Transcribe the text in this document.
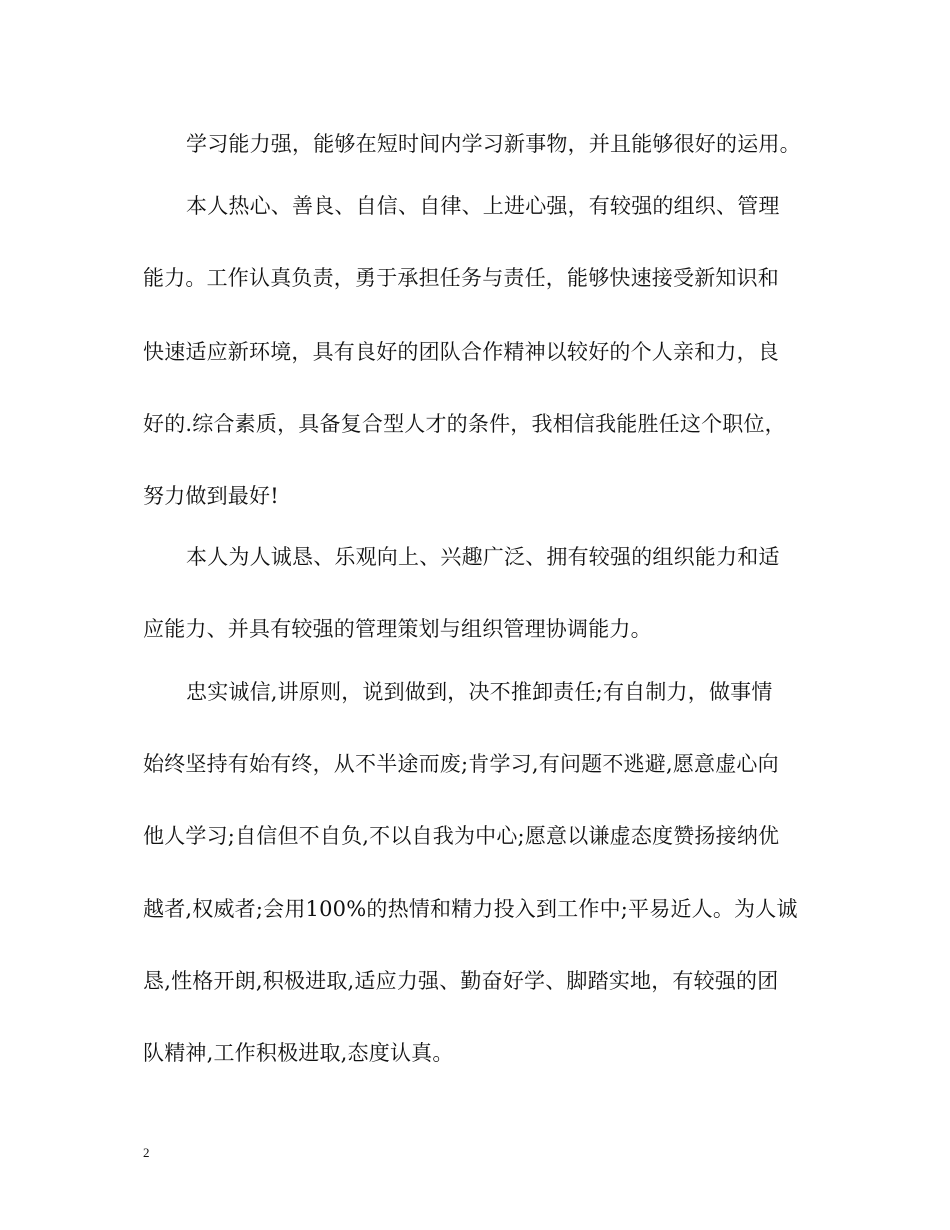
学习能力强，能够在短时间内学习新事物，并且能够很好的运用。
本人热心、善良、自信、自律、上进心强，有较强的组织、管理
能力。工作认真负责，勇于承担任务与责任，能够快速接受新知识和
快速适应新环境，具有良好的团队合作精神以较好的个人亲和力，良
好的.综合素质，具备复合型人才的条件，我相信我能胜任这个职位，
努力做到最好!
本人为人诚恳、乐观向上、兴趣广泛、拥有较强的组织能力和适
应能力、并具有较强的管理策划与组织管理协调能力。
忠实诚信,讲原则，说到做到，决不推卸责任;有自制力，做事情
始终坚持有始有终，从不半途而废;肯学习,有问题不逃避,愿意虚心向
他人学习;自信但不自负,不以自我为中心;愿意以谦虚态度赞扬接纳优
越者,权威者;会用100%的热情和精力投入到工作中;平易近人。为人诚
恳,性格开朗,积极进取,适应力强、勤奋好学、脚踏实地，有较强的团
队精神,工作积极进取,态度认真。
2
